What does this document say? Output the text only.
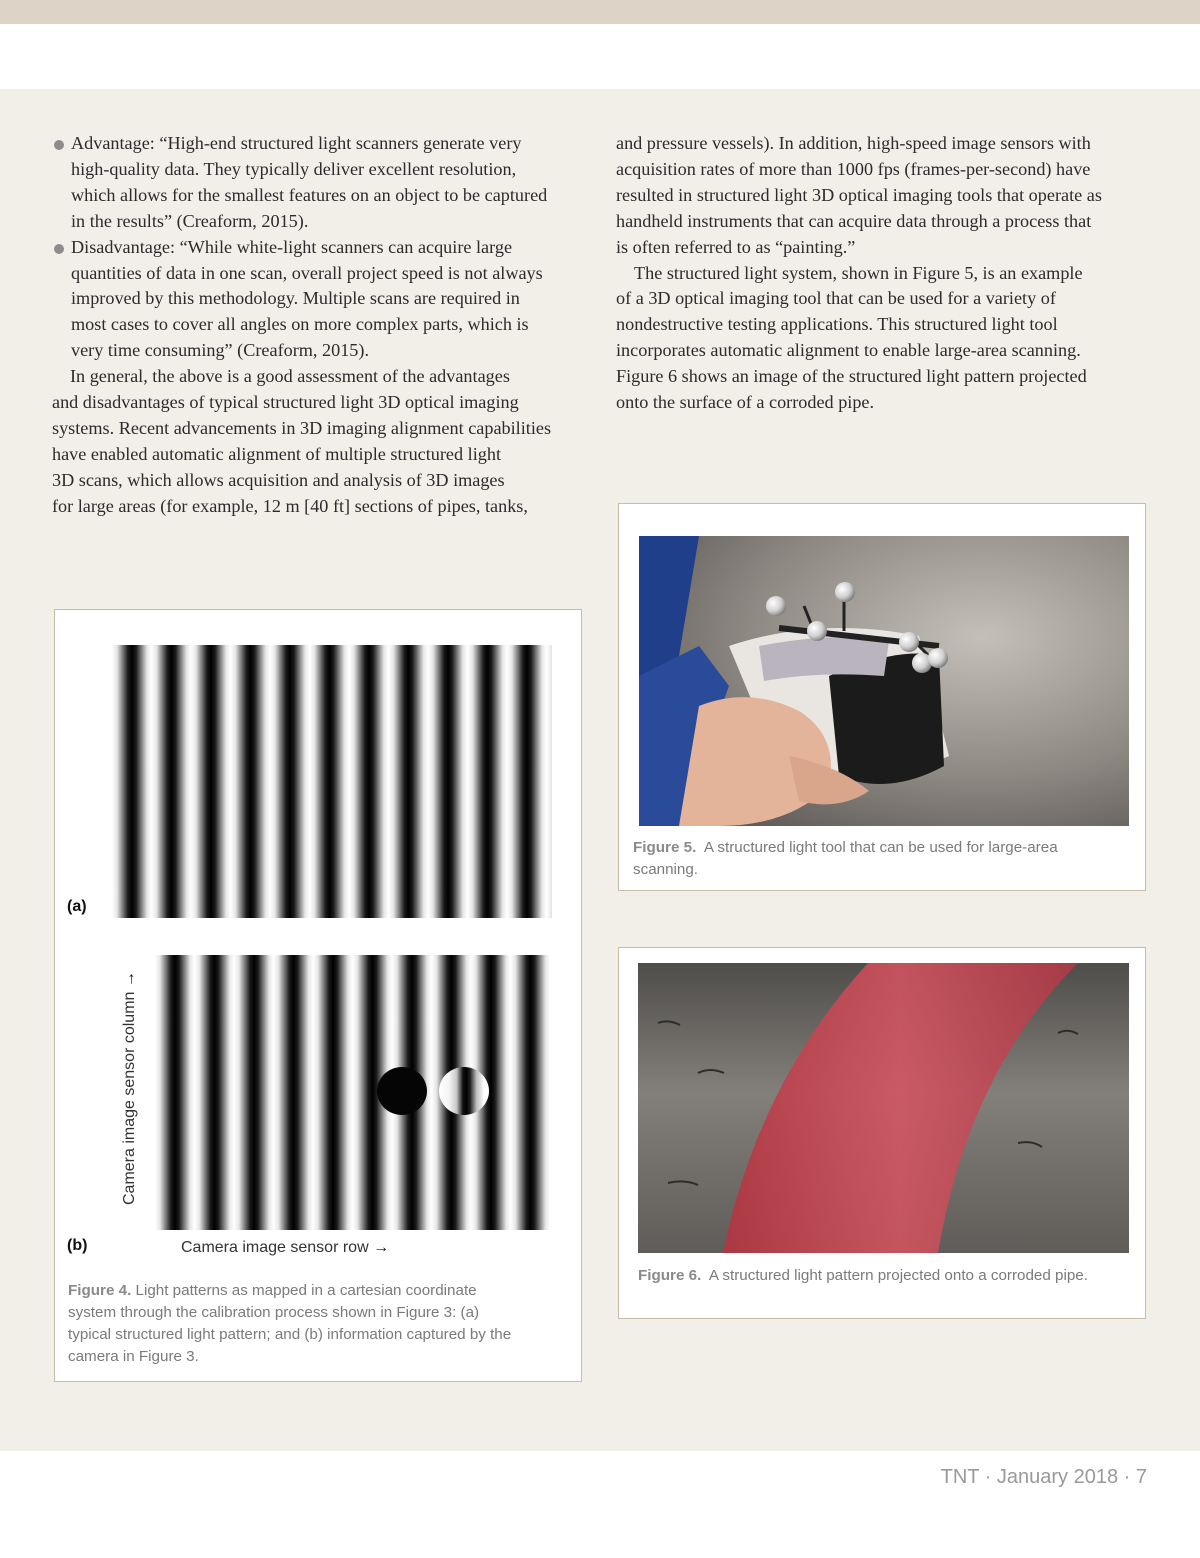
Advantage: “High-end structured light scanners generate very
high-quality data. They typically deliver excellent resolution,
which allows for the smallest features on an object to be captured
in the results” (Creaform, 2015).
Disadvantage: “While white-light scanners can acquire large
quantities of data in one scan, overall project speed is not always
improved by this methodology. Multiple scans are required in
most cases to cover all angles on more complex parts, which is
very time consuming” (Creaform, 2015).
In general, the above is a good assessment of the advantages
and disadvantages of typical structured light 3D optical imaging
systems. Recent advancements in 3D imaging alignment capabilities
have enabled automatic alignment of multiple structured light
3D scans, which allows acquisition and analysis of 3D images
for large areas (for example, 12 m [40 ft] sections of pipes, tanks,
and pressure vessels). In addition, high-speed image sensors with
acquisition rates of more than 1000 fps (frames-per-second) have
resulted in structured light 3D optical imaging tools that operate as
handheld instruments that can acquire data through a process that
is often referred to as “painting.”
The structured light system, shown in Figure 5, is an example
of a 3D optical imaging tool that can be used for a variety of
nondestructive testing applications. This structured light tool
incorporates automatic alignment to enable large-area scanning.
Figure 6 shows an image of the structured light pattern projected
onto the surface of a corroded pipe.
(a)
Camera image sensor column →
(b)	Camera image sensor row →
Figure 4. Light patterns as mapped in a cartesian coordinate
system through the calibration process shown in Figure 3: (a)
typical structured light pattern; and (b) information captured by the
camera in Figure 3.
Figure 5.  A structured light tool that can be used for large-area
scanning.
Figure 6.  A structured light pattern projected onto a corroded pipe.
TNT · January 2018 · 7
